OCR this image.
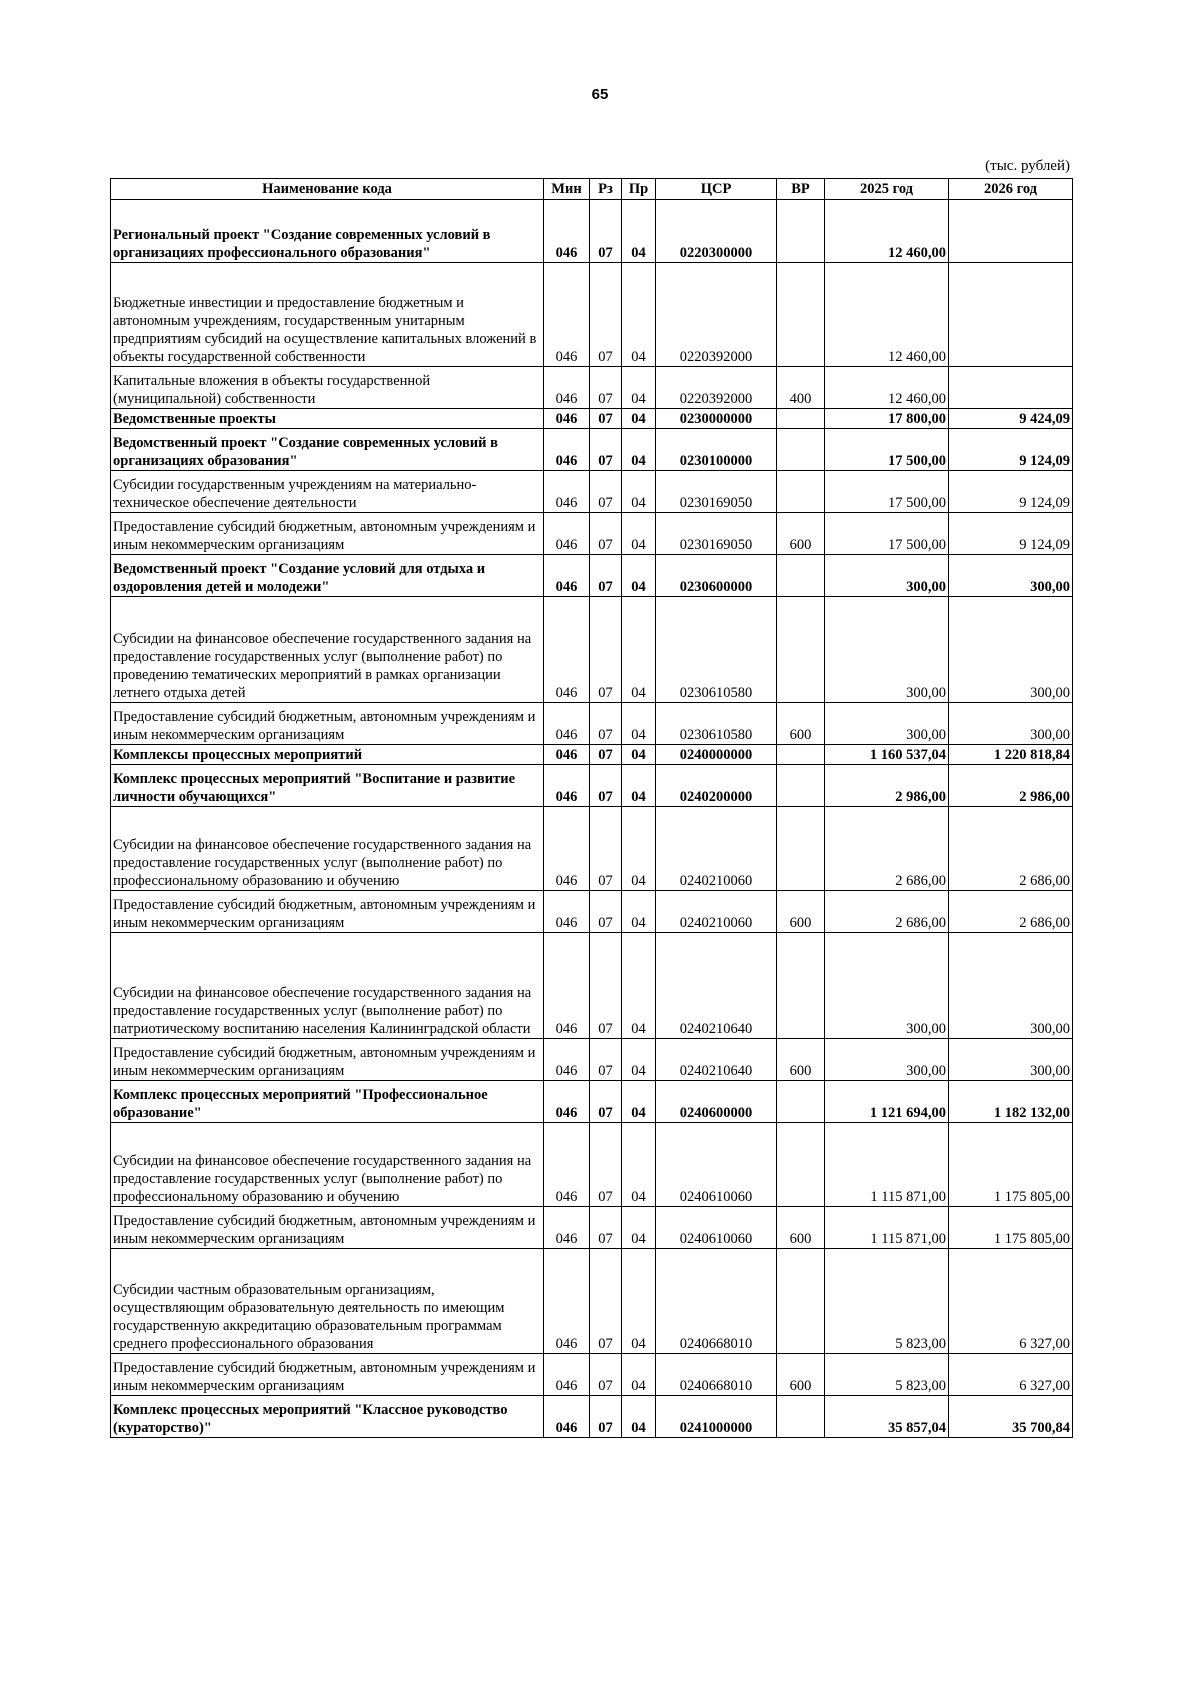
65
(тыс. рублей)
Наименование кода	Мин	Рз	Пр	ЦСР	ВР	2025 год	2026 год
Региональный проект "Создание современных условий в организациях профессионального образования"	046	07	04	0220300000		12 460,00	
Бюджетные инвестиции и предоставление бюджетным и автономным учреждениям, государственным унитарным предприятиям субсидий на осуществление капитальных вложений в объекты государственной собственности	046	07	04	0220392000		12 460,00	
Капитальные вложения в объекты государственной (муниципальной) собственности	046	07	04	0220392000	400	12 460,00	
Ведомственные проекты	046	07	04	0230000000		17 800,00	9 424,09
Ведомственный проект "Создание современных условий в организациях образования"	046	07	04	0230100000		17 500,00	9 124,09
Субсидии государственным учреждениям на материально-техническое обеспечение деятельности	046	07	04	0230169050		17 500,00	9 124,09
Предоставление субсидий бюджетным, автономным учреждениям и иным некоммерческим организациям	046	07	04	0230169050	600	17 500,00	9 124,09
Ведомственный проект "Создание условий для отдыха и оздоровления детей и молодежи"	046	07	04	0230600000		300,00	300,00
Субсидии на финансовое обеспечение государственного задания на предоставление государственных услуг (выполнение работ) по проведению тематических мероприятий в рамках организации летнего отдыха детей	046	07	04	0230610580		300,00	300,00
Предоставление субсидий бюджетным, автономным учреждениям и иным некоммерческим организациям	046	07	04	0230610580	600	300,00	300,00
Комплексы процессных мероприятий	046	07	04	0240000000		1 160 537,04	1 220 818,84
Комплекс процессных мероприятий "Воспитание и развитие личности обучающихся"	046	07	04	0240200000		2 986,00	2 986,00
Субсидии на финансовое обеспечение государственного задания на предоставление государственных услуг (выполнение работ) по профессиональному образованию и обучению	046	07	04	0240210060		2 686,00	2 686,00
Предоставление субсидий бюджетным, автономным учреждениям и иным некоммерческим организациям	046	07	04	0240210060	600	2 686,00	2 686,00
Субсидии на финансовое обеспечение государственного задания на предоставление государственных услуг (выполнение работ) по патриотическому воспитанию населения Калининградской области	046	07	04	0240210640		300,00	300,00
Предоставление субсидий бюджетным, автономным учреждениям и иным некоммерческим организациям	046	07	04	0240210640	600	300,00	300,00
Комплекс процессных мероприятий "Профессиональное образование"	046	07	04	0240600000		1 121 694,00	1 182 132,00
Субсидии на финансовое обеспечение государственного задания на предоставление государственных услуг (выполнение работ) по профессиональному образованию и обучению	046	07	04	0240610060		1 115 871,00	1 175 805,00
Предоставление субсидий бюджетным, автономным учреждениям и иным некоммерческим организациям	046	07	04	0240610060	600	1 115 871,00	1 175 805,00
Субсидии частным образовательным организациям, осуществляющим образовательную деятельность по имеющим государственную аккредитацию образовательным программам среднего профессионального образования	046	07	04	0240668010		5 823,00	6 327,00
Предоставление субсидий бюджетным, автономным учреждениям и иным некоммерческим организациям	046	07	04	0240668010	600	5 823,00	6 327,00
Комплекс процессных мероприятий "Классное руководство (кураторство)"	046	07	04	0241000000		35 857,04	35 700,84
